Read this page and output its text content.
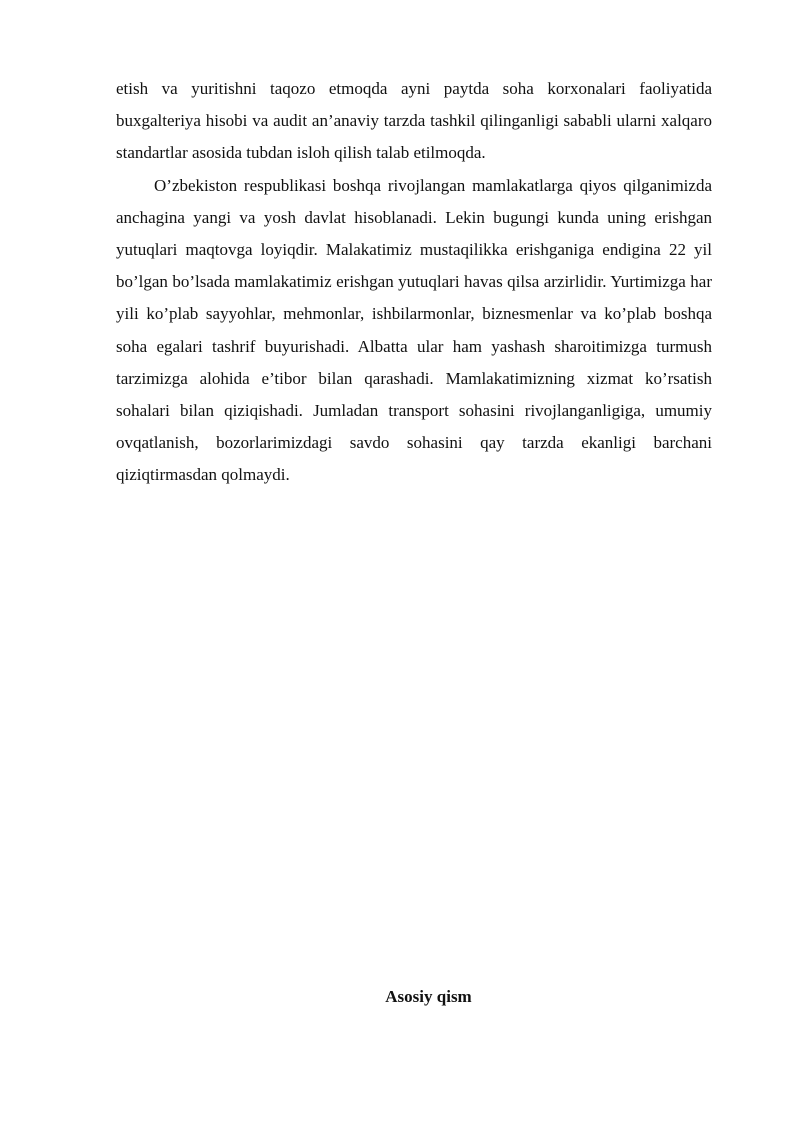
etish va yuritishni taqozo etmoqda ayni paytda soha korxonalari faoliyatida buxgalteriya hisobi va audit an’anaviy tarzda tashkil qilinganligi sababli ularni xalqaro standartlar asosida tubdan isloh qilish talab etilmoqda.

O’zbekiston respublikasi boshqa rivojlangan mamlakatlarga qiyos qilganimizda anchagina yangi va yosh davlat hisoblanadi. Lekin bugungi kunda uning erishgan yutuqlari maqtovga loyiqdir. Malakatimiz mustaqilikka erishganiga endigina 22 yil bo’lgan bo’lsada mamlakatimiz erishgan yutuqlari havas qilsa arzirlidir. Yurtimizga har yili ko’plab sayyohlar, mehmonlar, ishbilarmonlar, biznesmenlar va ko’plab boshqa soha egalari tashrif buyurishadi. Albatta ular ham yashash sharoitimizga turmush tarzimizga alohida e’tibor bilan qarashadi. Mamlakatimizning xizmat ko’rsatish sohalari bilan qiziqishadi. Jumladan transport sohasini rivojlanganligiga, umumiy ovqatlanish, bozorlarimizdagi savdo sohasini qay tarzda ekanligi barchani qiziqtirmasdan qolmaydi.

Asosiy qism
